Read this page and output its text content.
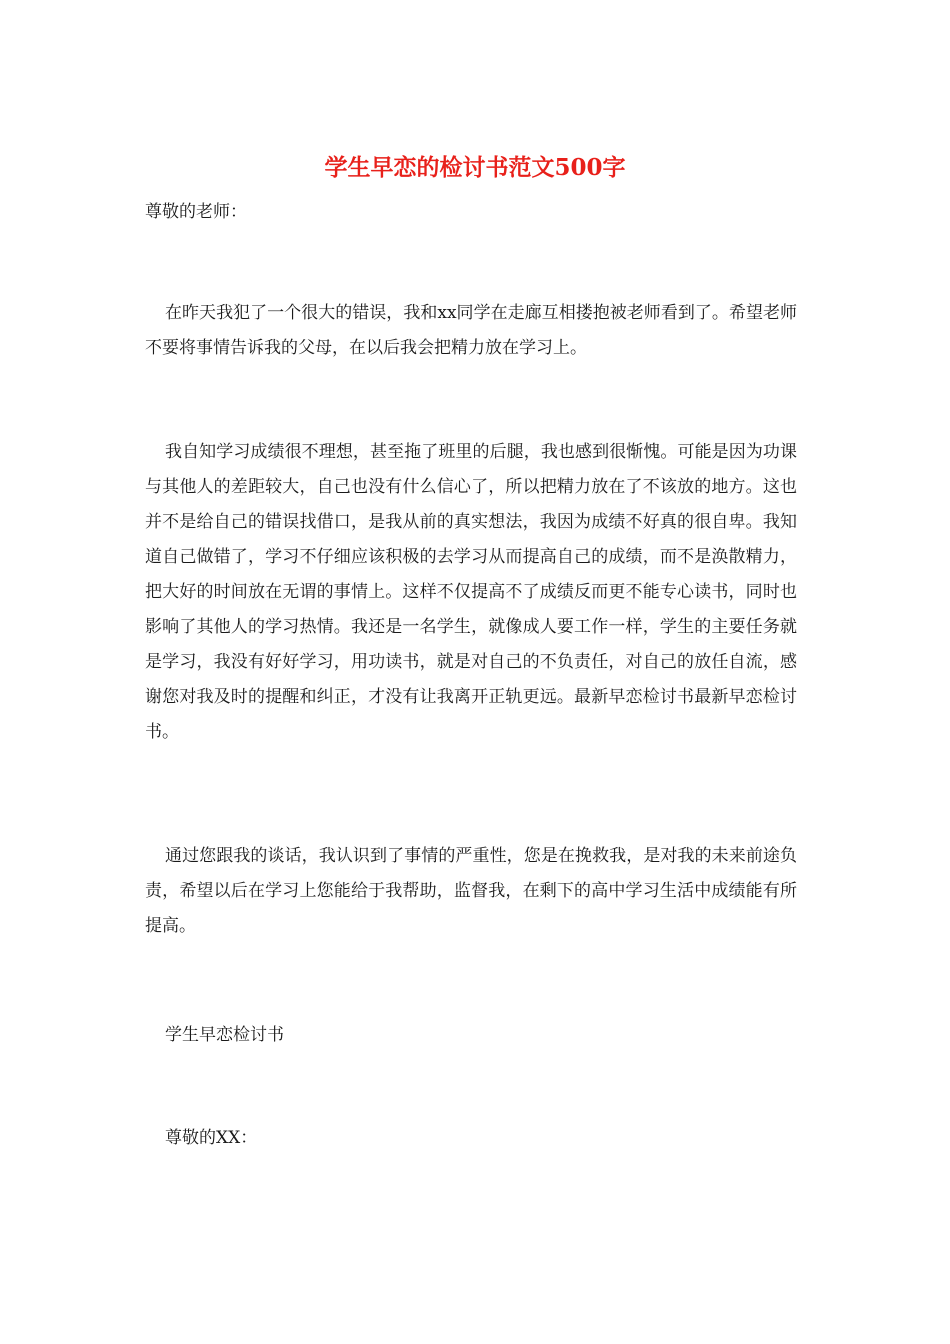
学生早恋的检讨书范文500字

尊敬的老师：

在昨天我犯了一个很大的错误，我和xx同学在走廊互相搂抱被老师看到了。希望老师不要将事情告诉我的父母，在以后我会把精力放在学习上。

我自知学习成绩很不理想，甚至拖了班里的后腿，我也感到很惭愧。可能是因为功课与其他人的差距较大，自己也没有什么信心了，所以把精力放在了不该放的地方。这也并不是给自己的错误找借口，是我从前的真实想法，我因为成绩不好真的很自卑。我知道自己做错了，学习不仔细应该积极的去学习从而提高自己的成绩，而不是涣散精力，把大好的时间放在无谓的事情上。这样不仅提高不了成绩反而更不能专心读书，同时也影响了其他人的学习热情。我还是一名学生，就像成人要工作一样，学生的主要任务就是学习，我没有好好学习，用功读书，就是对自己的不负责任，对自己的放任自流，感谢您对我及时的提醒和纠正，才没有让我离开正轨更远。最新早恋检讨书最新早恋检讨书。

通过您跟我的谈话，我认识到了事情的严重性，您是在挽救我，是对我的未来前途负责，希望以后在学习上您能给于我帮助，监督我，在剩下的高中学习生活中成绩能有所提高。

学生早恋检讨书

尊敬的XX：
